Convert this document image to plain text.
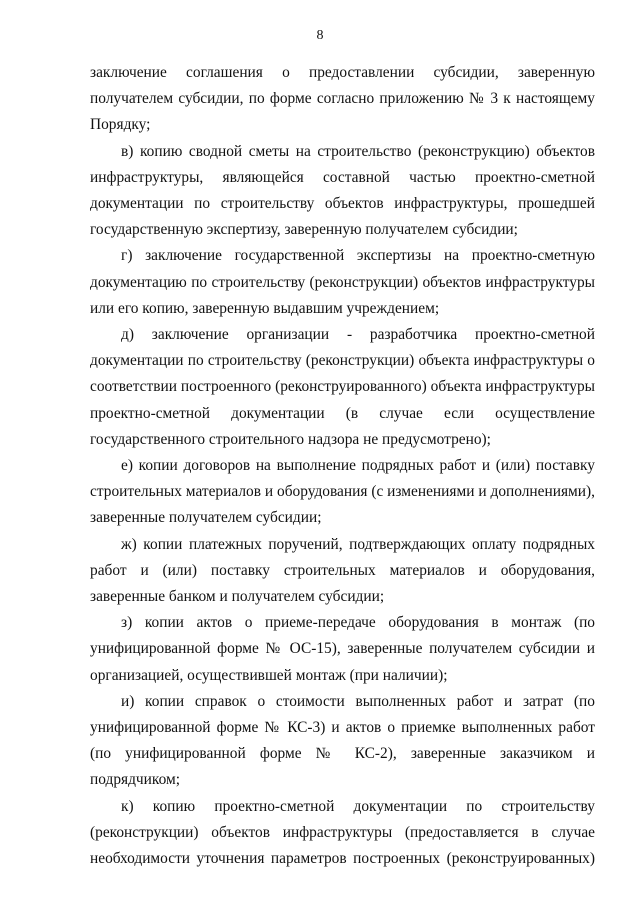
8

заключение соглашения о предоставлении субсидии, заверенную получателем субсидии, по форме согласно приложению № 3 к настоящему Порядку;

в) копию сводной сметы на строительство (реконструкцию) объектов инфраструктуры, являющейся составной частью проектно-сметной документации по строительству объектов инфраструктуры, прошедшей государственную экспертизу, заверенную получателем субсидии;

г) заключение государственной экспертизы на проектно-сметную документацию по строительству (реконструкции) объектов инфраструктуры или его копию, заверенную выдавшим учреждением;

д) заключение организации - разработчика проектно-сметной документации по строительству (реконструкции) объекта инфраструктуры о соответствии построенного (реконструированного) объекта инфраструктуры проектно-сметной документации (в случае если осуществление государственного строительного надзора не предусмотрено);

е) копии договоров на выполнение подрядных работ и (или) поставку строительных материалов и оборудования (с изменениями и дополнениями), заверенные получателем субсидии;

ж) копии платежных поручений, подтверждающих оплату подрядных работ и (или) поставку строительных материалов и оборудования, заверенные банком и получателем субсидии;

з) копии актов о приеме-передаче оборудования в монтаж (по унифицированной форме № ОС-15), заверенные получателем субсидии и организацией, осуществившей монтаж (при наличии);

и) копии справок о стоимости выполненных работ и затрат (по унифицированной форме № КС-3) и актов о приемке выполненных работ (по унифицированной форме № КС-2), заверенные заказчиком и подрядчиком;

к) копию проектно-сметной документации по строительству (реконструкции) объектов инфраструктуры (предоставляется в случае необходимости уточнения параметров построенных (реконструированных)
